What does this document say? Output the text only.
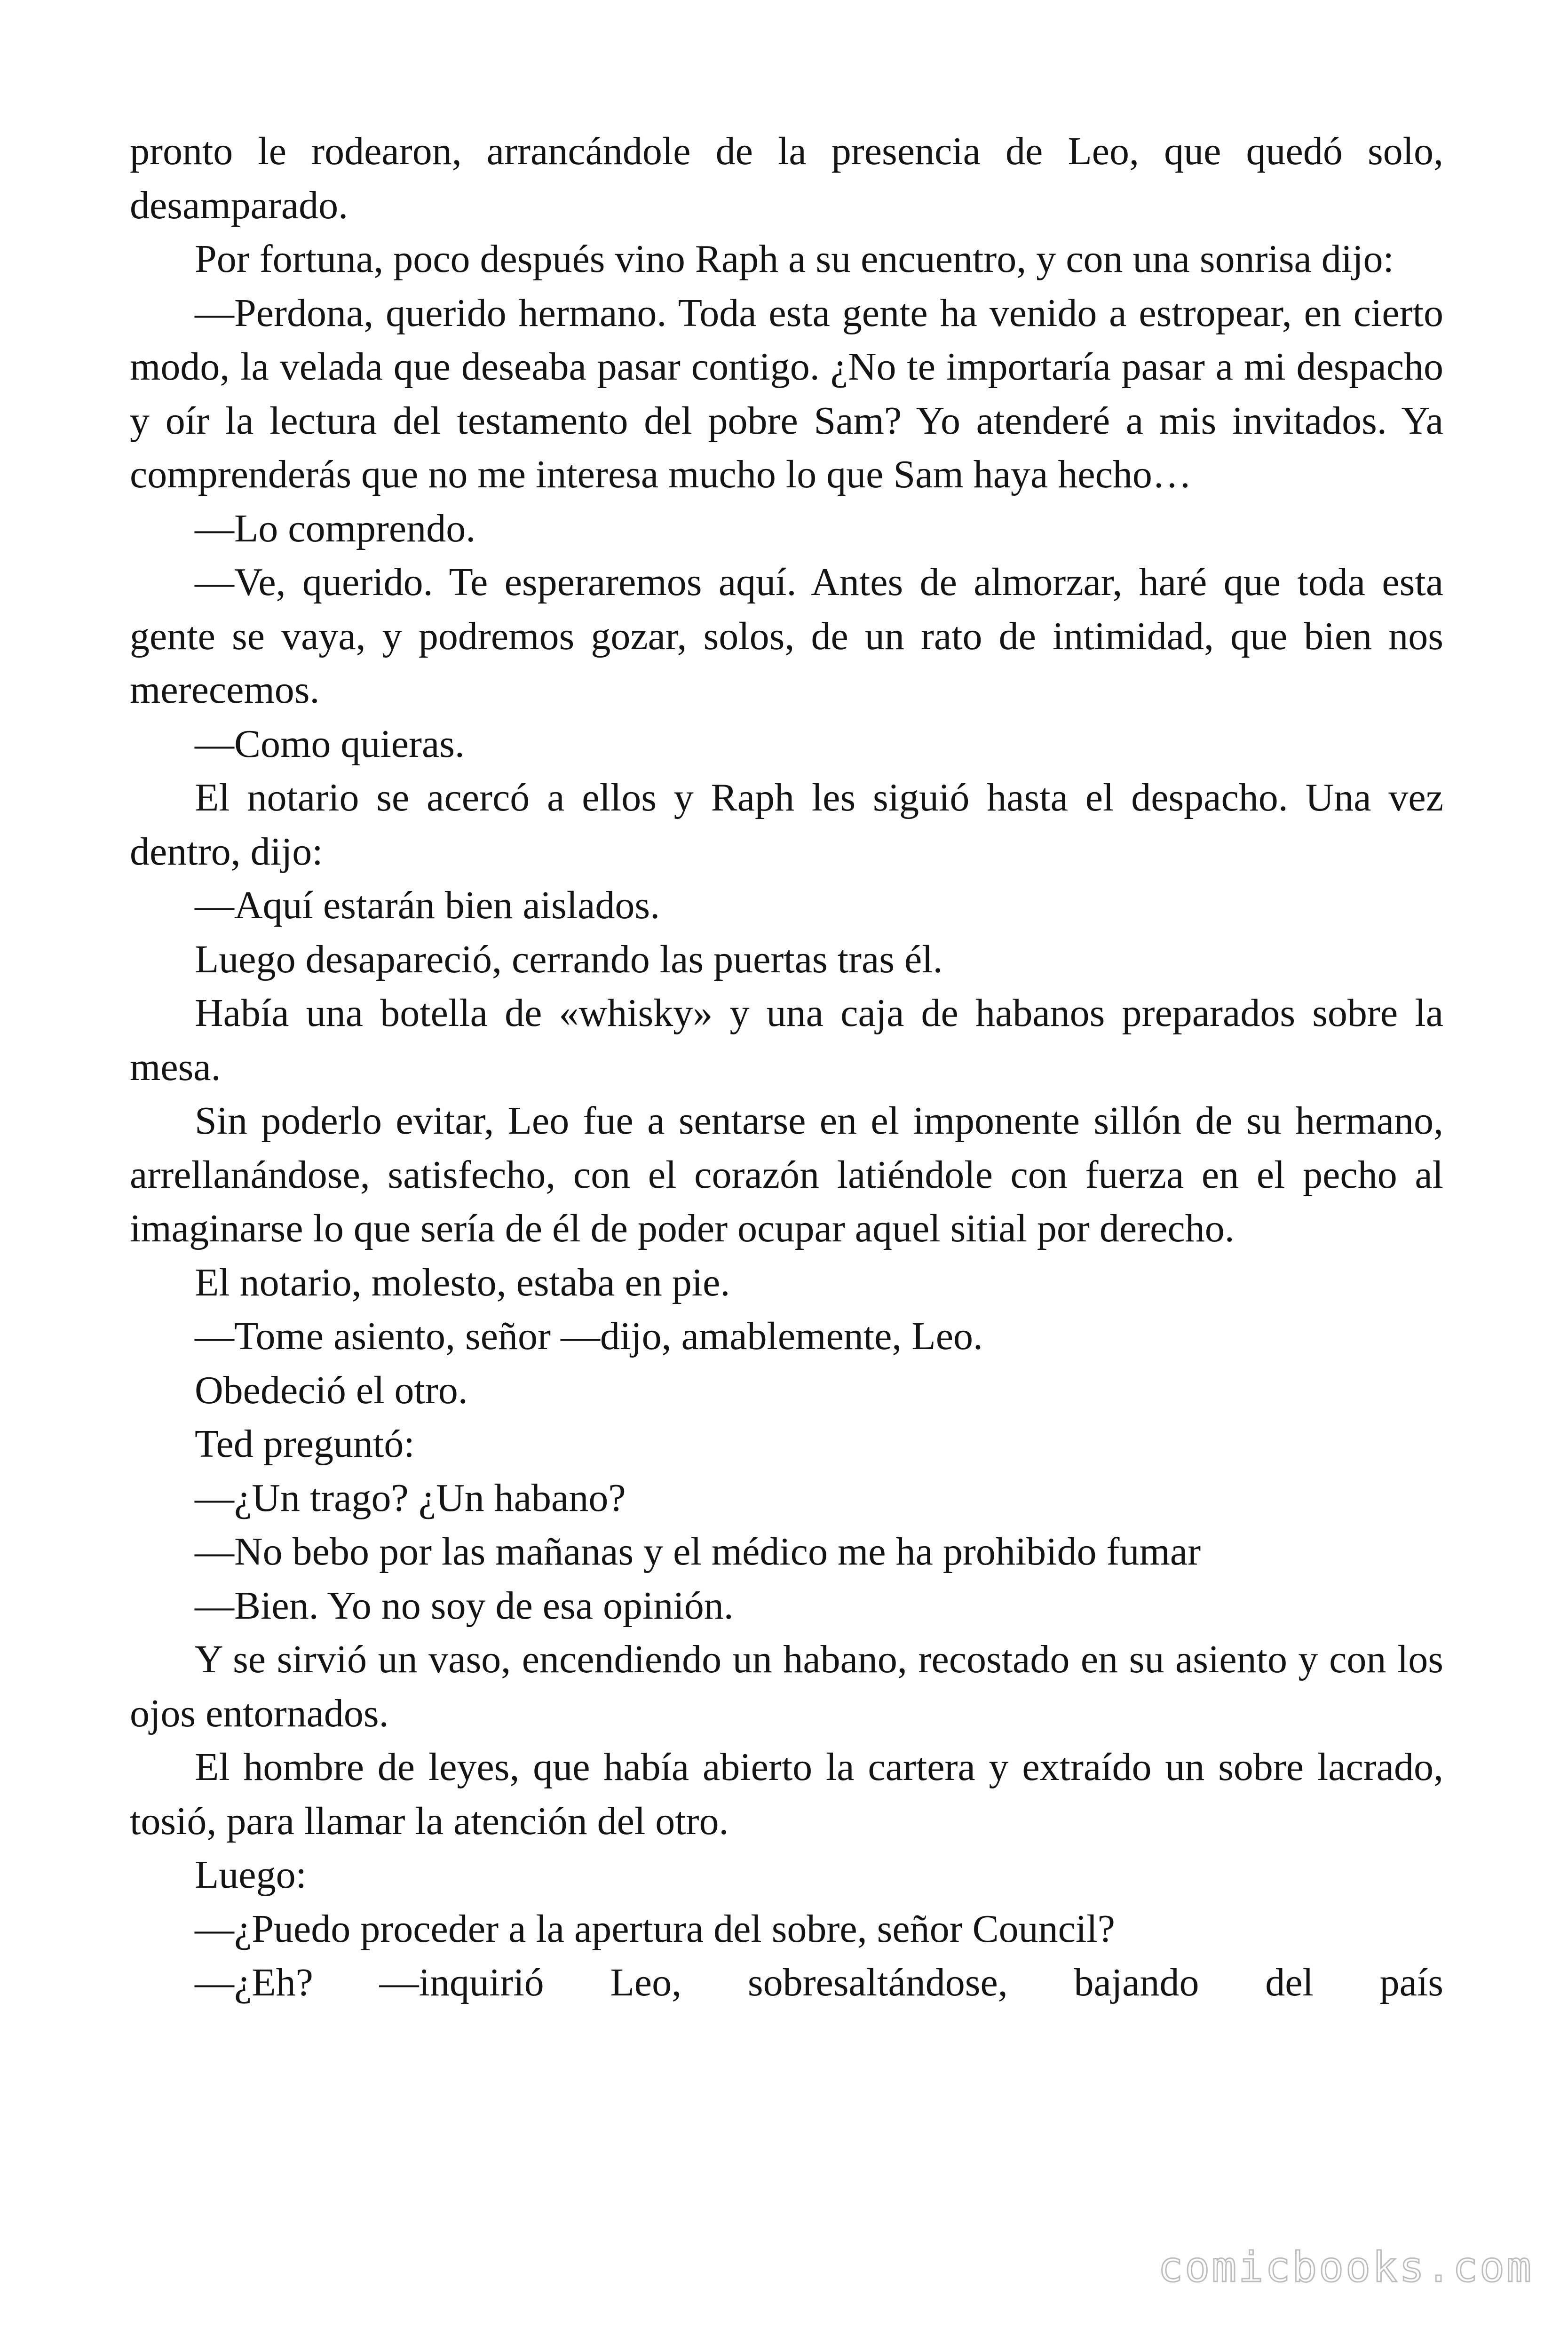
pronto le rodearon, arrancándole de la presencia de Leo, que quedó solo, desamparado.

Por fortuna, poco después vino Raph a su encuentro, y con una sonrisa dijo:

—Perdona, querido hermano. Toda esta gente ha venido a estropear, en cierto modo, la velada que deseaba pasar contigo. ¿No te importaría pasar a mi despacho y oír la lectura del testamento del pobre Sam? Yo atenderé a mis invitados. Ya comprenderás que no me interesa mucho lo que Sam haya hecho…

—Lo comprendo.

—Ve, querido. Te esperaremos aquí. Antes de almorzar, haré que toda esta gente se vaya, y podremos gozar, solos, de un rato de intimidad, que bien nos merecemos.

—Como quieras.

El notario se acercó a ellos y Raph les siguió hasta el despacho. Una vez dentro, dijo:

—Aquí estarán bien aislados.

Luego desapareció, cerrando las puertas tras él.

Había una botella de «whisky» y una caja de habanos preparados sobre la mesa.

Sin poderlo evitar, Leo fue a sentarse en el imponente sillón de su hermano, arrellanándose, satisfecho, con el corazón latiéndole con fuerza en el pecho al imaginarse lo que sería de él de poder ocupar aquel sitial por derecho.

El notario, molesto, estaba en pie.

—Tome asiento, señor —dijo, amablemente, Leo.

Obedeció el otro.

Ted preguntó:

—¿Un trago? ¿Un habano?

—No bebo por las mañanas y el médico me ha prohibido fumar

—Bien. Yo no soy de esa opinión.

Y se sirvió un vaso, encendiendo un habano, recostado en su asiento y con los ojos entornados.

El hombre de leyes, que había abierto la cartera y extraído un sobre lacrado, tosió, para llamar la atención del otro.

Luego:

—¿Puedo proceder a la apertura del sobre, señor Council?

—¿Eh? —inquirió Leo, sobresaltándose, bajando del país

comicbooks.com
